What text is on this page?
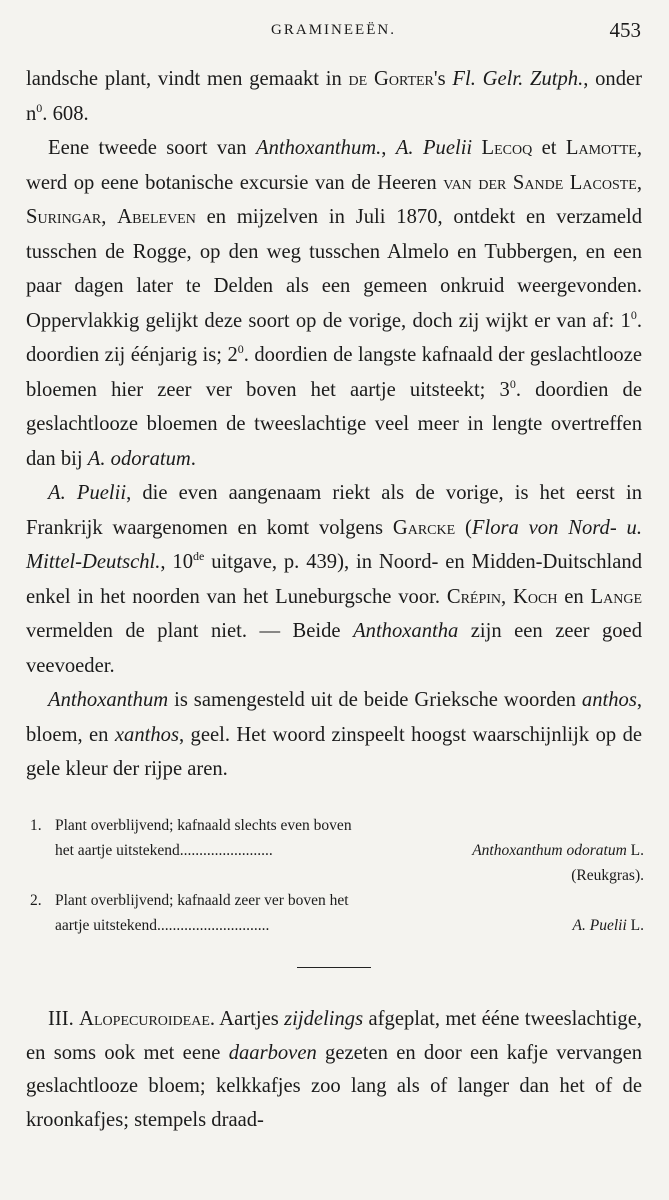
GRAMINEEËN.	453

landsche plant, vindt men gemaakt in de Gorter's Fl. Gelr. Zutph., onder $n^0$. 608.

Eene tweede soort van Anthoxanthum., A. Puelii Lecoq et Lamotte, werd op eene botanische excursie van de Heeren van der Sande Lacoste, Suringar, Abeleven en mijzelven in Juli 1870, ontdekt en verzameld tusschen de Rogge, op den weg tusschen Almelo en Tubbergen, en een paar dagen later te Delden als een gemeen onkruid weergevonden. Oppervlakkig gelijkt deze soort op de vorige, doch zij wijkt er van af: $1^0$. doordien zij éénjarig is; $2^0$. doordien de langste kafnaald der geslachtlooze bloemen hier zeer ver boven het aartje uitsteekt; $3^0$. doordien de geslachtlooze bloemen de tweeslachtige veel meer in lengte overtreffen dan bij A. odoratum.

A. Puelii, die even aangenaam riekt als de vorige, is het eerst in Frankrijk waargenomen en komt volgens Garcke (Flora von Nord- u. Mittel-Deutschl., 10de uitgave, p. 439), in Noord- en Midden-Duitschland enkel in het noorden van het Luneburgsche voor. Crépin, Koch en Lange vermelden de plant niet. — Beide Anthoxantha zijn een zeer goed veevoeder.

Anthoxanthum is samengesteld uit de beide Grieksche woorden anthos, bloem, en xanthos, geel. Het woord zinspeelt hoogst waarschijnlijk op de gele kleur der rijpe aren.

1. Plant overblijvend; kafnaald slechts even boven
het aartje uitstekend........................	Anthoxanthum odoratum L.
(Reukgras).
2. Plant overblijvend; kafnaald zeer ver boven het
aartje uitstekend.............................	A. Puelii L.

III. Alopecuroideae. Aartjes zijdelings afgeplat, met éénе tweeslachtige, en soms ook met eene daarboven gezeten en door een kafje vervangen geslachtlooze bloem; kelkkafjes zoo lang als of langer dan het of de kroonkafjes; stempels draad-
